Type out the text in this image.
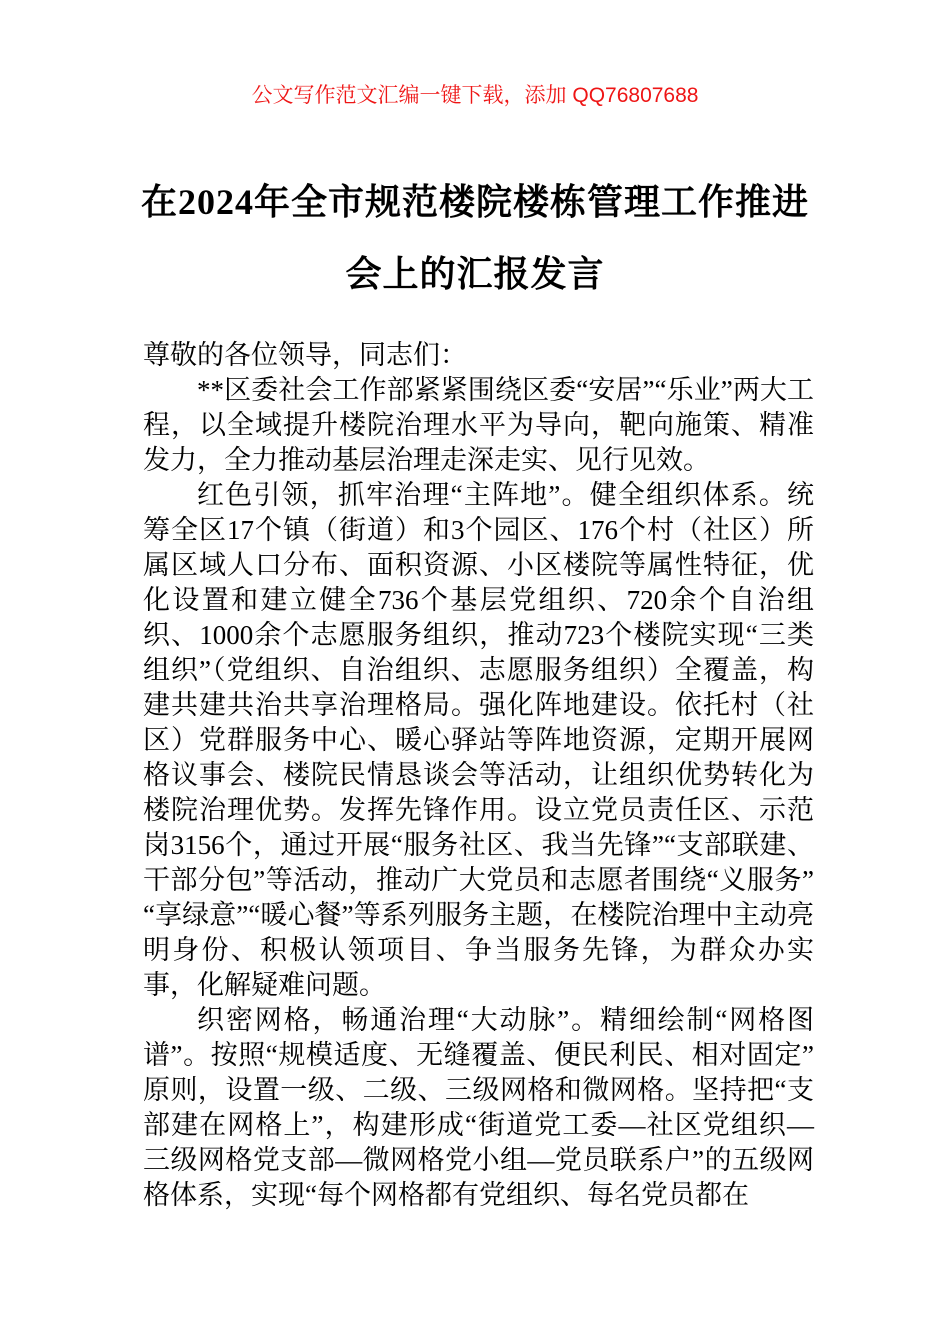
公文写作范文汇编一键下载，添加 QQ76807688
在2024年全市规范楼院楼栋管理工作推进
会上的汇报发言

尊敬的各位领导，同志们：

**区委社会工作部紧紧围绕区委“安居”“乐业”两大工程，以全域提升楼院治理水平为导向，靶向施策、精准发力，全力推动基层治理走深走实、见行见效。

红色引领，抓牢治理“主阵地”。健全组织体系。统筹全区17个镇（街道）和3个园区、176个村（社区）所属区域人口分布、面积资源、小区楼院等属性特征，优化设置和建立健全736个基层党组织、720余个自治组织、1000余个志愿服务组织，推动723个楼院实现“三类组织”（党组织、自治组织、志愿服务组织）全覆盖，构建共建共治共享治理格局。强化阵地建设。依托村（社区）党群服务中心、暖心驿站等阵地资源，定期开展网格议事会、楼院民情恳谈会等活动，让组织优势转化为楼院治理优势。发挥先锋作用。设立党员责任区、示范岗3156个，通过开展“服务社区、我当先锋”“支部联建、干部分包”等活动，推动广大党员和志愿者围绕“义服务”“享绿意”“暖心餐”等系列服务主题，在楼院治理中主动亮明身份、积极认领项目、争当服务先锋，为群众办实事，化解疑难问题。

织密网格，畅通治理“大动脉”。精细绘制“网格图谱”。按照“规模适度、无缝覆盖、便民利民、相对固定”原则，设置一级、二级、三级网格和微网格。坚持把“支部建在网格上”，构建形成“街道党工委—社区党组织—三级网格党支部—微网格党小组—党员联系户”的五级网格体系，实现“每个网格都有党组织、每名党员都在
